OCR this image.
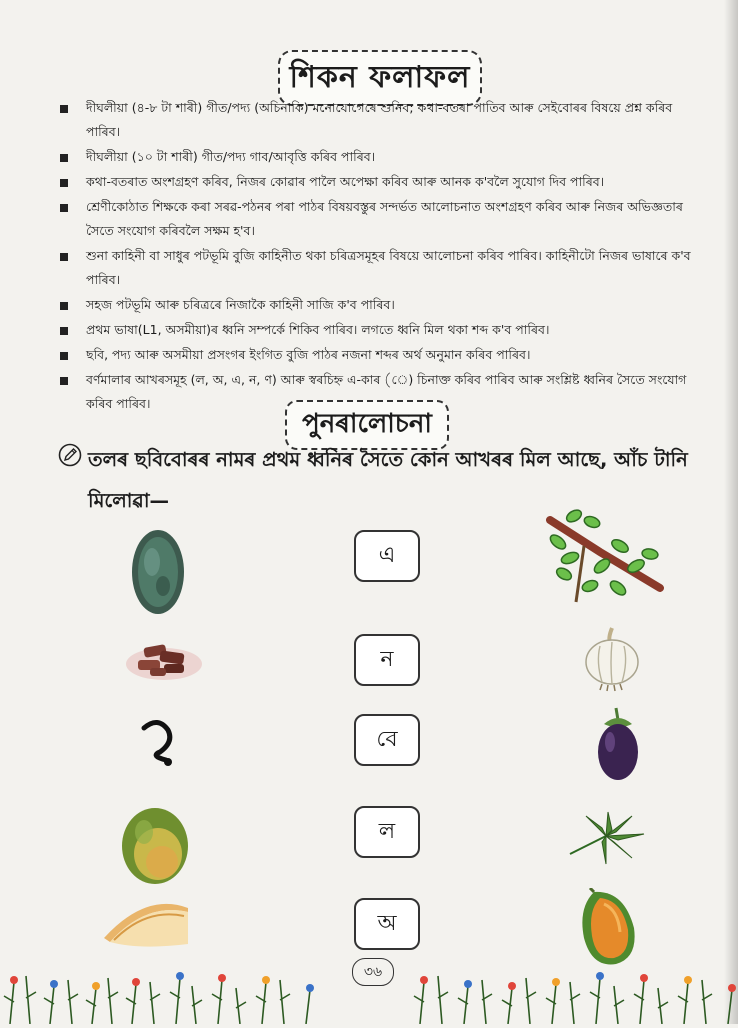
শিকন ফলাফল
দীঘলীয়া (৪-৮ টা শাৰী) গীত/পদ্য (অচিনাকি) মনোযোগেৰে শুনিব; কথা-বতৰা পাতিব আৰু সেইবোৰৰ বিষয়ে প্ৰশ্ন কৰিব পাৰিব।
দীঘলীয়া (১০ টা শাৰী) গীত/পদ্য গাব/আবৃত্তি কৰিব পাৰিব।
কথা-বতৰাত অংশগ্ৰহণ কৰিব, নিজৰ কোৱাৰ পালৈ অপেক্ষা কৰিব আৰু আনক ক'বলৈ সুযোগ দিব পাৰিব।
শ্ৰেণীকোঠাত শিক্ষকে কৰা সৰৱ-পঠনৰ পৰা পাঠৰ বিষয়বস্তুৰ সন্দৰ্ভত আলোচনাত অংশগ্ৰহণ কৰিব আৰু নিজৰ অভিজ্ঞতাৰ সৈতে সংযোগ কৰিবলৈ সক্ষম হ'ব।
শুনা কাহিনী বা সাধুৰ পটভূমি বুজি কাহিনীত থকা চৰিত্ৰসমূহৰ বিষয়ে আলোচনা কৰিব পাৰিব। কাহিনীটো নিজৰ ভাষাৰে ক'ব পাৰিব।
সহজ পটভূমি আৰু চৰিত্ৰৰে নিজাকৈ কাহিনী সাজি ক'ব পাৰিব।
প্ৰথম ভাষা(L1, অসমীয়া)ৰ ধ্বনি সম্পৰ্কে শিকিব পাৰিব। লগতে ধ্বনি মিল থকা শব্দ ক'ব পাৰিব।
ছবি, পদ্য আৰু অসমীয়া প্ৰসংগৰ ইংগিত বুজি পাঠৰ নজনা শব্দৰ অৰ্থ অনুমান কৰিব পাৰিব।
বৰ্ণমালাৰ আখৰসমূহ (ল, অ, এ, ন, ণ) আৰু স্বৰচিহ্ন এ-কাৰ (ে) চিনাক্ত কৰিব পাৰিব আৰু সংশ্লিষ্ট ধ্বনিৰ সৈতে সংযোগ কৰিব পাৰিব।
পুনৰালোচনা
তলৰ ছবিবোৰৰ নামৰ প্ৰথম ধ্বনিৰ সৈতে কোন আখৰৰ মিল আছে, আঁচ টানি
মিলোৱা—
এ
ন
বে
ল
অ
৩৬
